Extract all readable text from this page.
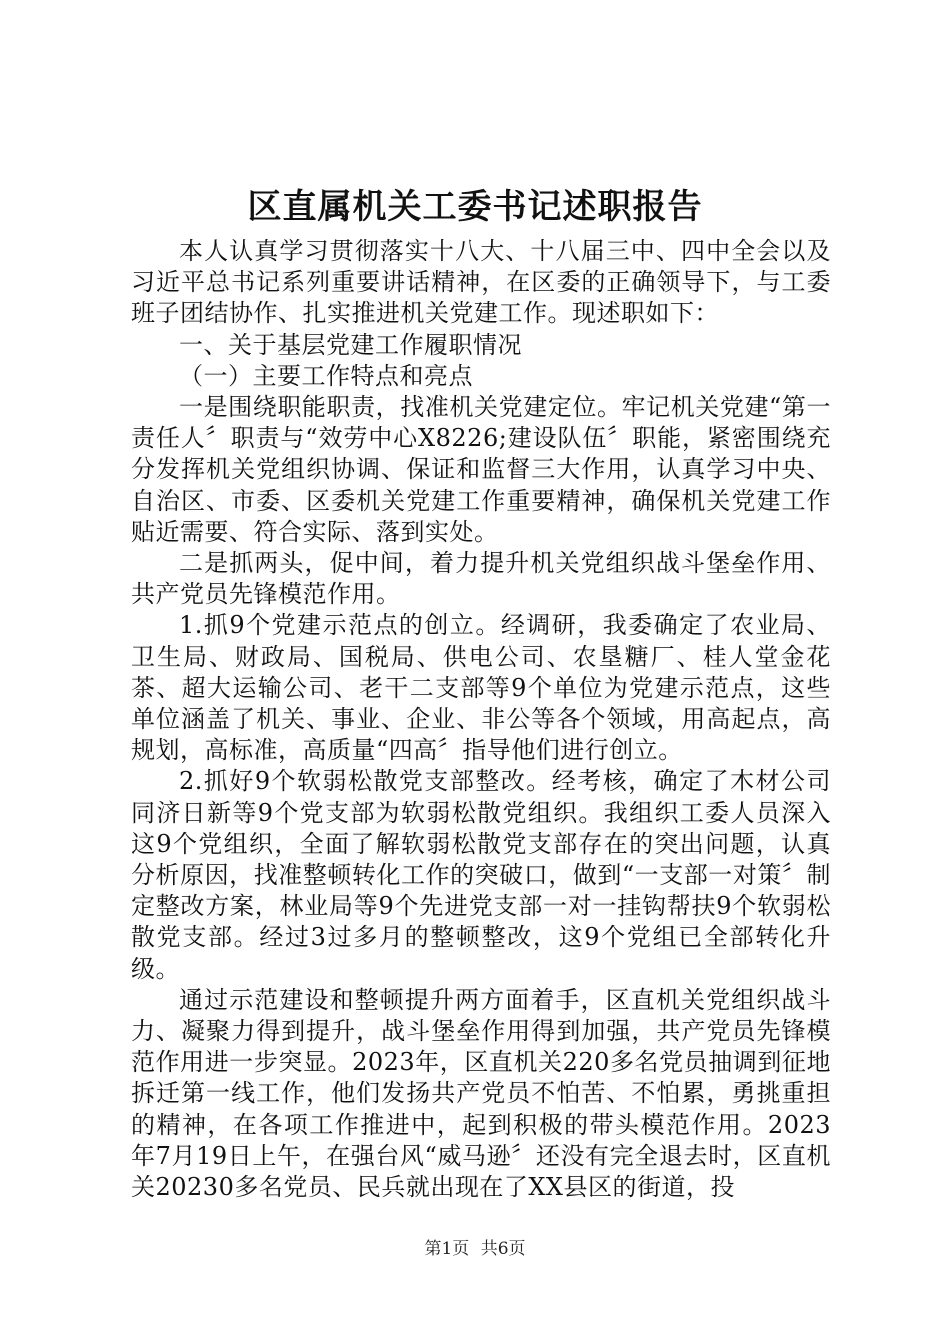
区直属机关工委书记述职报告

本人认真学习贯彻落实十八大、十八届三中、四中全会以及习近平总书记系列重要讲话精神，在区委的正确领导下，与工委班子团结协作、扎实推进机关党建工作。现述职如下：

一、关于基层党建工作履职情况

（一）主要工作特点和亮点

一是围绕职能职责，找准机关党建定位。牢记机关党建“第一责任人〞职责与“效劳中心X8226;建设队伍〞职能，紧密围绕充分发挥机关党组织协调、保证和监督三大作用，认真学习中央、自治区、市委、区委机关党建工作重要精神，确保机关党建工作贴近需要、符合实际、落到实处。

二是抓两头，促中间，着力提升机关党组织战斗堡垒作用、共产党员先锋模范作用。

1.抓9个党建示范点的创立。经调研，我委确定了农业局、卫生局、财政局、国税局、供电公司、农垦糖厂、桂人堂金花茶、超大运输公司、老干二支部等9个单位为党建示范点，这些单位涵盖了机关、事业、企业、非公等各个领域，用高起点，高规划，高标准，高质量“四高〞指导他们进行创立。

2.抓好9个软弱松散党支部整改。经考核，确定了木材公司同济日新等9个党支部为软弱松散党组织。我组织工委人员深入这9个党组织，全面了解软弱松散党支部存在的突出问题，认真分析原因，找准整顿转化工作的突破口，做到“一支部一对策〞制定整改方案，林业局等9个先进党支部一对一挂钩帮扶9个软弱松散党支部。经过3过多月的整顿整改，这9个党组已全部转化升级。

通过示范建设和整顿提升两方面着手，区直机关党组织战斗力、凝聚力得到提升，战斗堡垒作用得到加强，共产党员先锋模范作用进一步突显。2023年，区直机关220多名党员抽调到征地拆迁第一线工作，他们发扬共产党员不怕苦、不怕累，勇挑重担的精神，在各项工作推进中，起到积极的带头模范作用。2023年7月19日上午，在强台风“威马逊〞还没有完全退去时，区直机关20230多名党员、民兵就出现在了XX县区的街道，投

第1页 共6页
